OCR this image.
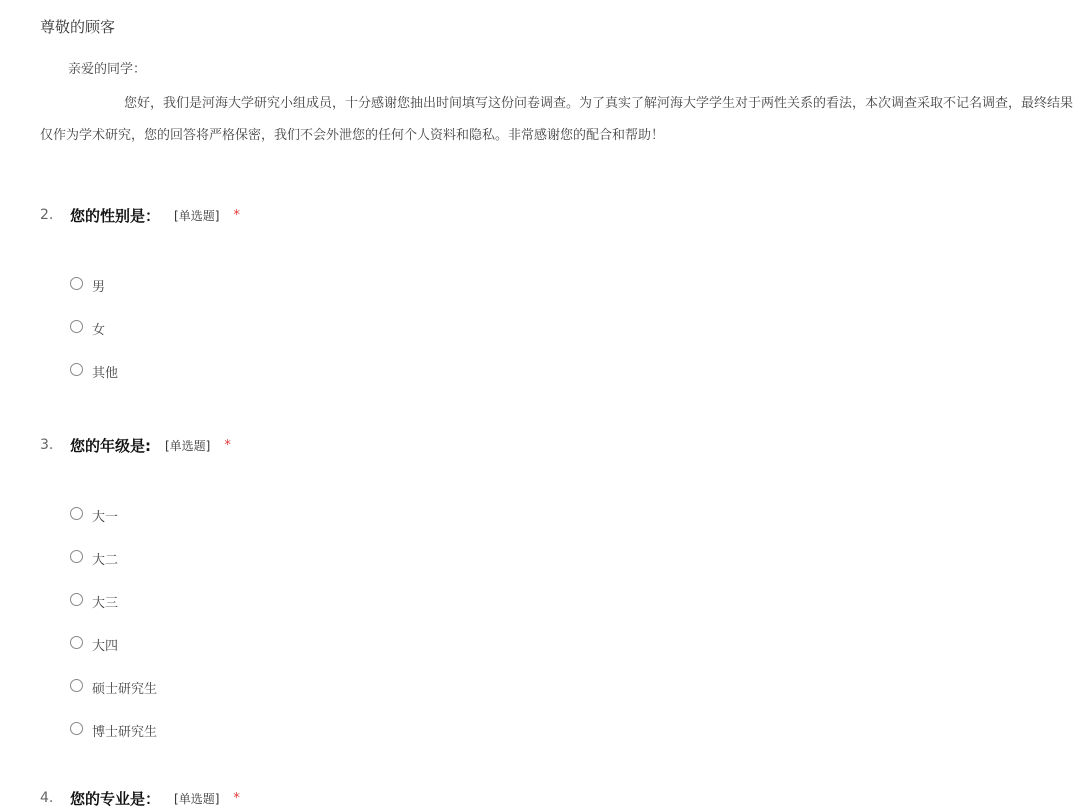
尊敬的顾客
亲爱的同学：
您好，我们是河海大学研究小组成员，十分感谢您抽出时间填写这份问卷调查。为了真实了解河海大学学生对于两性关系的看法，本次调查采取不记名调查，最终结果仅作为学术研究，您的回答将严格保密，我们不会外泄您的任何个人资料和隐私。非常感谢您的配合和帮助！
2.	您的性别是： [单选题] *
男
女
其他
3.	您的年级是: [单选题] *
大一
大二
大三
大四
硕士研究生
博士研究生
4.	您的专业是： [单选题] *
